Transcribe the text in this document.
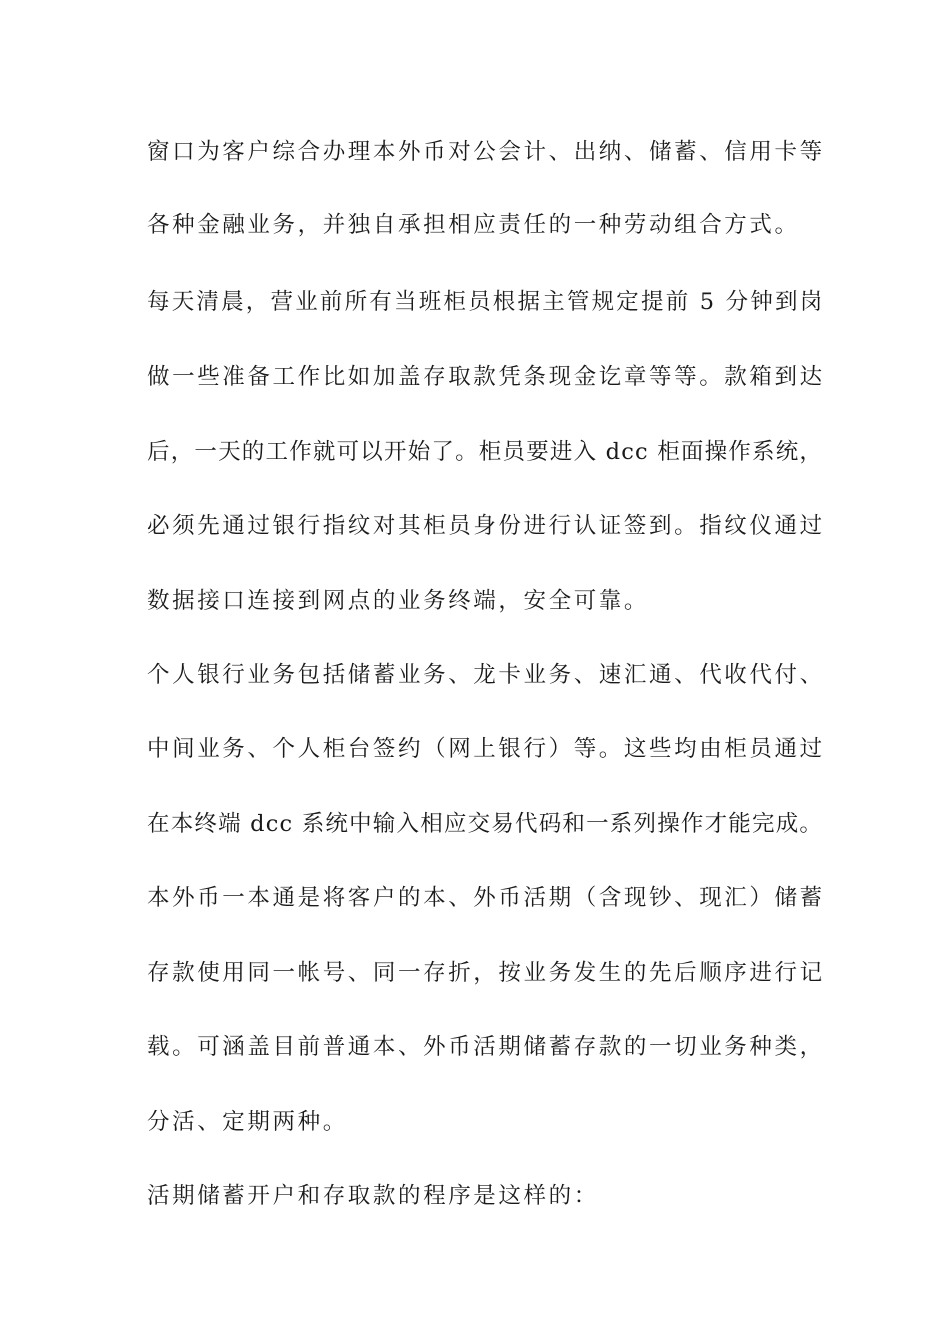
窗口为客户综合办理本外币对公会计、出纳、储蓄、信用卡等
各种金融业务，并独自承担相应责任的一种劳动组合方式。
每天清晨，营业前所有当班柜员根据主管规定提前 5 分钟到岗
做一些准备工作比如加盖存取款凭条现金讫章等等。款箱到达
后，一天的工作就可以开始了。柜员要进入 dcc 柜面操作系统，
必须先通过银行指纹对其柜员身份进行认证签到。指纹仪通过
数据接口连接到网点的业务终端，安全可靠。
个人银行业务包括储蓄业务、龙卡业务、速汇通、代收代付、
中间业务、个人柜台签约（网上银行）等。这些均由柜员通过
在本终端 dcc 系统中输入相应交易代码和一系列操作才能完成。
本外币一本通是将客户的本、外币活期（含现钞、现汇）储蓄
存款使用同一帐号、同一存折，按业务发生的先后顺序进行记
载。可涵盖目前普通本、外币活期储蓄存款的一切业务种类，
分活、定期两种。
活期储蓄开户和存取款的程序是这样的：
